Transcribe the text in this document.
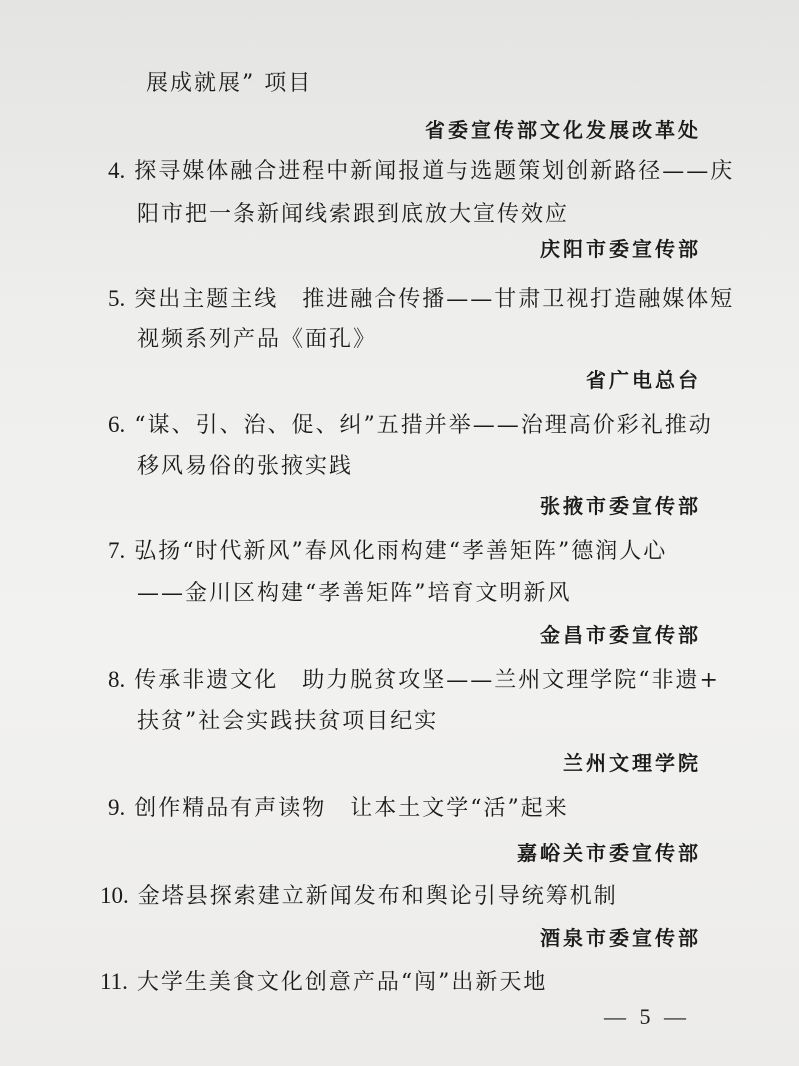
展成就展” 项目
省委宣传部文化发展改革处
4. 探寻媒体融合进程中新闻报道与选题策划创新路径——庆
阳市把一条新闻线索跟到底放大宣传效应
庆阳市委宣传部
5. 突出主题主线　推进融合传播——甘肃卫视打造融媒体短
视频系列产品《面孔》
省广电总台
6. “谋、引、治、促、纠”五措并举——治理高价彩礼推动
移风易俗的张掖实践
张掖市委宣传部
7. 弘扬“时代新风”春风化雨构建“孝善矩阵”德润人心
——金川区构建“孝善矩阵”培育文明新风
金昌市委宣传部
8. 传承非遗文化　助力脱贫攻坚——兰州文理学院“非遗+
扶贫”社会实践扶贫项目纪实
兰州文理学院
9. 创作精品有声读物　让本土文学“活”起来
嘉峪关市委宣传部
10. 金塔县探索建立新闻发布和舆论引导统筹机制
酒泉市委宣传部
11. 大学生美食文化创意产品“闯”出新天地
— 5 —
